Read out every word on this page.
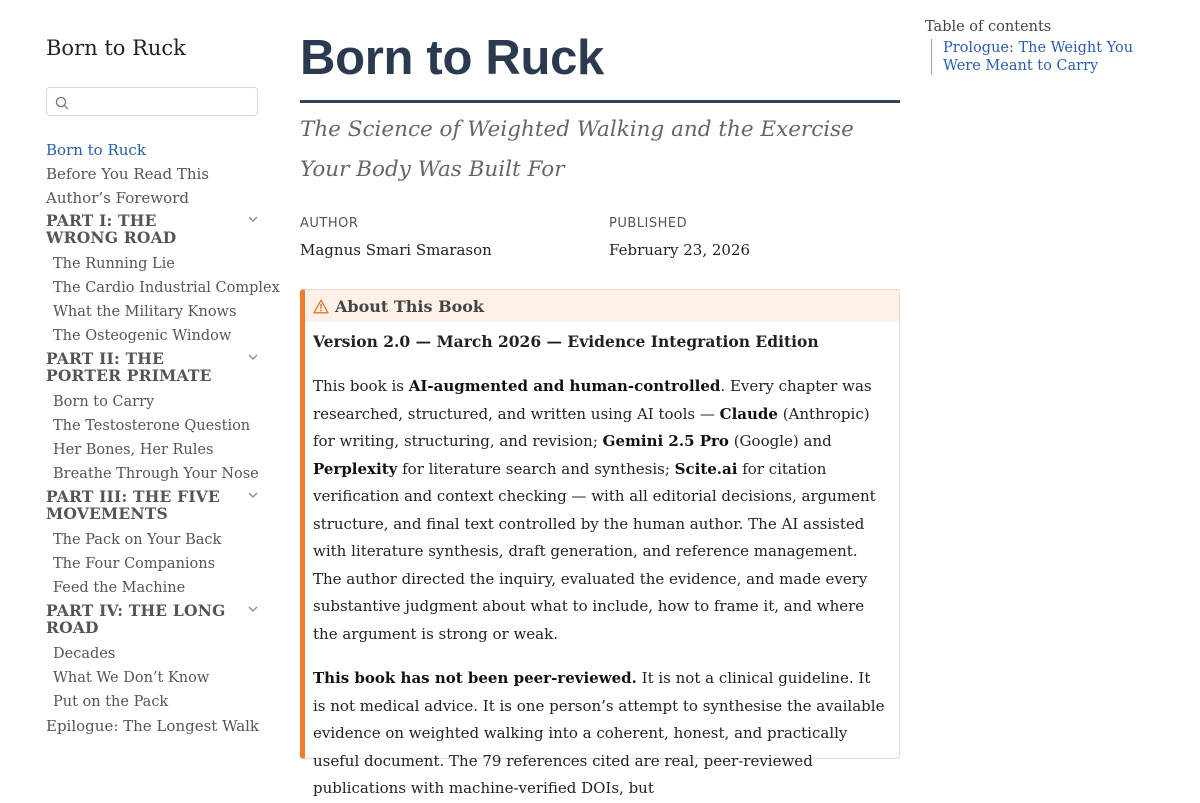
Born to Ruck
Born to Ruck
Before You Read This
Author’s Foreword
PART I: THE WRONG ROAD
The Running Lie
The Cardio Industrial Complex
What the Military Knows
The Osteogenic Window
PART II: THE PORTER PRIMATE
Born to Carry
The Testosterone Question
Her Bones, Her Rules
Breathe Through Your Nose
PART III: THE FIVE MOVEMENTS
The Pack on Your Back
The Four Companions
Feed the Machine
PART IV: THE LONG ROAD
Decades
What We Don’t Know
Put on the Pack
Epilogue: The Longest Walk
Born to Ruck

The Science of Weighted Walking and the Exercise Your Body Was Built For

AUTHOR
Magnus Smari Smarason
PUBLISHED
February 23, 2026
About This Book
Version 2.0 — March 2026 — Evidence Integration Edition

This book is AI-augmented and human-controlled. Every chapter was researched, structured, and written using AI tools — Claude (Anthropic) for writing, structuring, and revision; Gemini 2.5 Pro (Google) and Perplexity for literature search and synthesis; Scite.ai for citation verification and context checking — with all editorial decisions, argument structure, and final text controlled by the human author. The AI assisted with literature synthesis, draft generation, and reference management. The author directed the inquiry, evaluated the evidence, and made every substantive judgment about what to include, how to frame it, and where the argument is strong or weak.

This book has not been peer-reviewed. It is not a clinical guideline. It is not medical advice. It is one person’s attempt to synthesise the available evidence on weighted walking into a coherent, honest, and practically useful document. The 79 references cited are real, peer-reviewed publications with machine-verified DOIs, but

Table of contents
Prologue: The Weight You Were Meant to Carry
